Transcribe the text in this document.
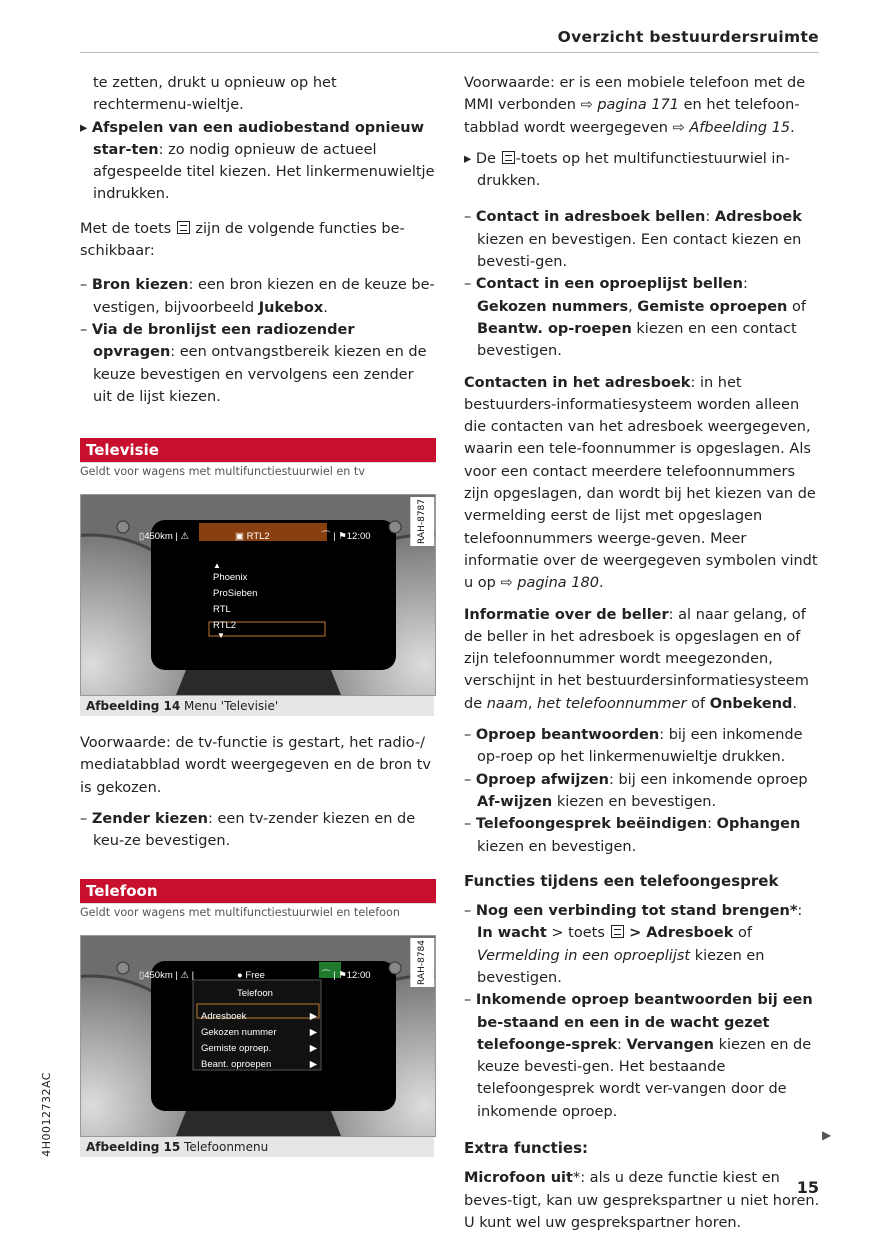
Overzicht bestuurdersruimte

te zetten, drukt u opnieuw op het rechtermenu-wieltje.

▸ Afspelen van een audiobestand opnieuw star-ten: zo nodig opnieuw de actueel afgespeelde titel kiezen. Het linkermenuwieltje indrukken.

Met de toets zijn de volgende functies be-schikbaar:

– Bron kiezen: een bron kiezen en de keuze be-vestigen, bijvoorbeeld Jukebox.

– Via de bronlijst een radiozender opvragen: een ontvangstbereik kiezen en de keuze bevestigen en vervolgens een zender uit de lijst kiezen.

Televisie
Geldt voor wagens met multifunctiestuurwiel en tv
▯450km | ⚠	▣ RTL2	⌒ | ⚑12:00
▲
Phoenix
ProSieben
RTL
RTL2
▼
RAH-8787
Afbeelding 14 Menu 'Televisie'

Voorwaarde: de tv-functie is gestart, het radio-/ mediatabblad wordt weergegeven en de bron tv is gekozen.

– Zender kiezen: een tv-zender kiezen en de keu-ze bevestigen.

Telefoon
Geldt voor wagens met multifunctiestuurwiel en telefoon
▯450km | ⚠ |	● Free	⌒ | ⚑12:00
Telefoon
Adresboek	▶
Gekozen nummer	▶
Gemiste oproep.	▶
Beant. oproepen	▶
RAH-8784
Afbeelding 15 Telefoonmenu

Voorwaarde: er is een mobiele telefoon met de MMI verbonden ⇨ pagina 171 en het telefoon-tabblad wordt weergegeven ⇨ Afbeelding 15.

▸ De -toets op het multifunctiestuurwiel in-drukken.

– Contact in adresboek bellen: Adresboek kiezen en bevestigen. Een contact kiezen en bevesti-gen.

– Contact in een oproeplijst bellen: Gekozen nummers, Gemiste oproepen of Beantw. op-roepen kiezen en een contact bevestigen.

Contacten in het adresboek: in het bestuurders-informatiesysteem worden alleen die contacten van het adresboek weergegeven, waarin een tele-foonnummer is opgeslagen. Als voor een contact meerdere telefoonnummers zijn opgeslagen, dan wordt bij het kiezen van de vermelding eerst de lijst met opgeslagen telefoonnummers weerge-geven. Meer informatie over de weergegeven symbolen vindt u op ⇨ pagina 180.

Informatie over de beller: al naar gelang, of de beller in het adresboek is opgeslagen en of zijn telefoonnummer wordt meegezonden, verschijnt in het bestuurdersinformatiesysteem de naam, het telefoonnummer of Onbekend.

– Oproep beantwoorden: bij een inkomende op-roep op het linkermenuwieltje drukken.

– Oproep afwijzen: bij een inkomende oproep Af-wijzen kiezen en bevestigen.

– Telefoongesprek beëindigen: Ophangen kiezen en bevestigen.

Functies tijdens een telefoongesprek

– Nog een verbinding tot stand brengen*: In wacht > toets > Adresboek of Vermelding in een oproeplijst kiezen en bevestigen.

– Inkomende oproep beantwoorden bij een be-staand en een in de wacht gezet telefoonge-sprek: Vervangen kiezen en de keuze bevesti-gen. Het bestaande telefoongesprek wordt ver-vangen door de inkomende oproep.

Extra functies:

Microfoon uit*: als u deze functie kiest en beves-tigt, kan uw gesprekspartner u niet horen. U kunt wel uw gesprekspartner horen.

▶
4H0012732AC
15
